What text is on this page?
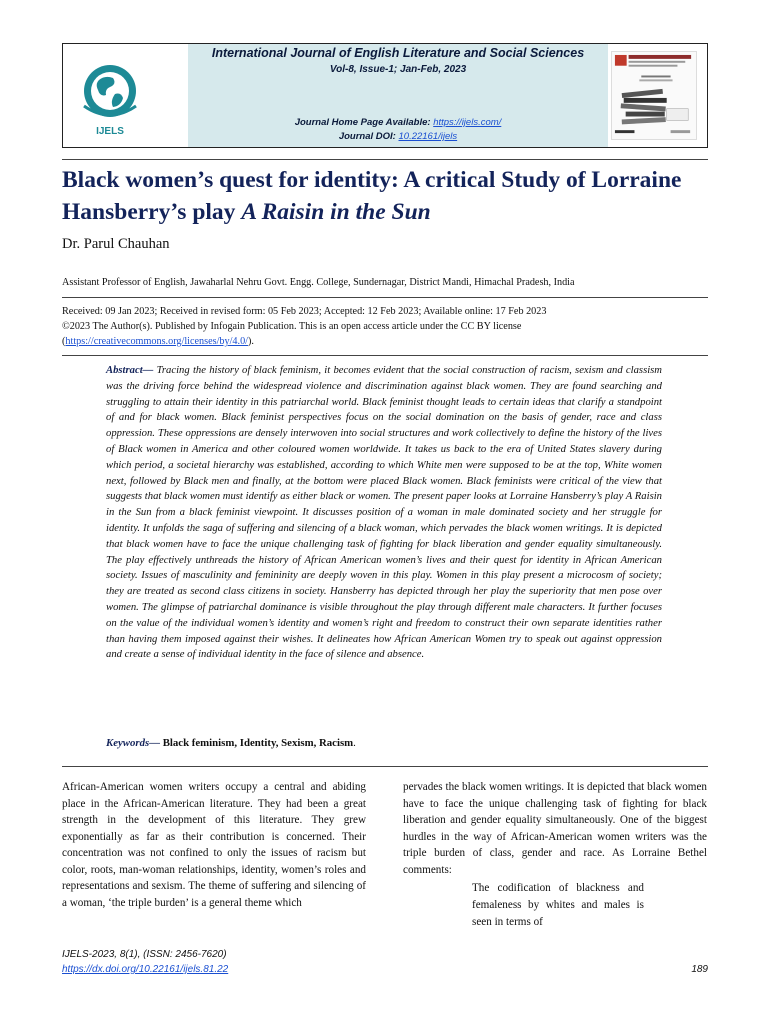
IJELS
International Journal of English Literature and Social Sciences
Vol-8, Issue-1; Jan-Feb, 2023
Journal Home Page Available: https://ijels.com/
Journal DOI: 10.22161/ijels
Black women’s quest for identity: A critical Study of Lorraine Hansberry’s play A Raisin in the Sun
Dr. Parul Chauhan
Assistant Professor of English, Jawaharlal Nehru Govt. Engg. College, Sundernagar, District Mandi, Himachal Pradesh, India
Received: 09 Jan 2023; Received in revised form: 05 Feb 2023; Accepted: 12 Feb 2023; Available online: 17 Feb 2023
©2023 The Author(s). Published by Infogain Publication. This is an open access article under the CC BY license
(https://creativecommons.org/licenses/by/4.0/).
Abstract— Tracing the history of black feminism, it becomes evident that the social construction of racism, sexism and classism was the driving force behind the widespread violence and discrimination against black women. They are found searching and struggling to attain their identity in this patriarchal world. Black feminist thought leads to certain ideas that clarify a standpoint of and for black women. Black feminist perspectives focus on the social domination on the basis of gender, race and class oppression. These oppressions are densely interwoven into social structures and work collectively to define the history of the lives of Black women in America and other coloured women worldwide. It takes us back to the era of United States slavery during which period, a societal hierarchy was established, according to which White men were supposed to be at the top, White women next, followed by Black men and finally, at the bottom were placed Black women. Black feminists were critical of the view that suggests that black women must identify as either black or women. The present paper looks at Lorraine Hansberry’s play A Raisin in the Sun from a black feminist viewpoint. It discusses position of a woman in male dominated society and her struggle for identity. It unfolds the saga of suffering and silencing of a black woman, which pervades the black women writings. It is depicted that black women have to face the unique challenging task of fighting for black liberation and gender equality simultaneously. The play effectively unthreads the history of African American women’s lives and their quest for identity in African American society. Issues of masculinity and femininity are deeply woven in this play. Women in this play present a microcosm of society; they are treated as second class citizens in society. Hansberry has depicted through her play the superiority that men pose over women. The glimpse of patriarchal dominance is visible throughout the play through different male characters. It further focuses on the value of the individual women’s identity and women’s right and freedom to construct their own separate identities rather than having them imposed against their wishes. It delineates how African American Women try to speak out against oppression and create a sense of individual identity in the face of silence and absence.
Keywords— Black feminism, Identity, Sexism, Racism.
African-American women writers occupy a central and abiding place in the African-American literature. They had been a great strength in the development of this literature. They grew exponentially as far as their contribution is concerned. Their concentration was not confined to only the issues of racism but color, roots, man-woman relationships, identity, women’s roles and representations and sexism. The theme of suffering and silencing of a woman, ‘the triple burden’ is a general theme which
pervades the black women writings. It is depicted that black women have to face the unique challenging task of fighting for black liberation and gender equality simultaneously. One of the biggest hurdles in the way of African-American women writers was the triple burden of class, gender and race. As Lorraine Bethel comments:
The codification of blackness and femaleness by whites and males is seen in terms of
IJELS-2023, 8(1), (ISSN: 2456-7620)
https://dx.doi.org/10.22161/ijels.81.22	189
